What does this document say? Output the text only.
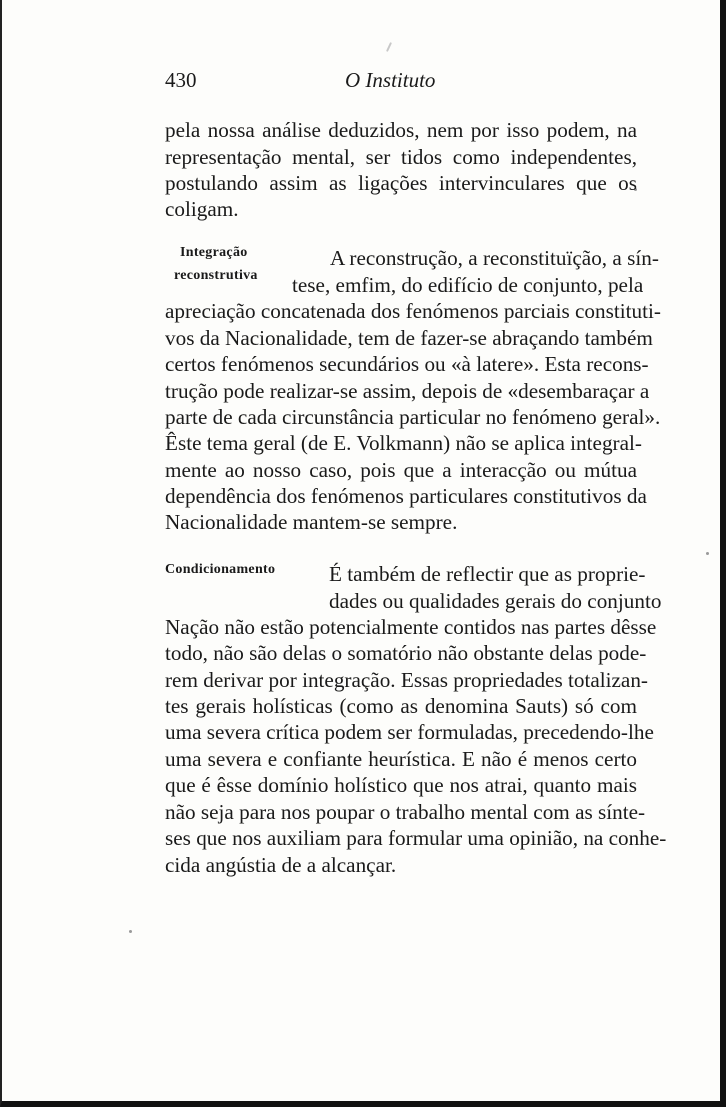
430	O Instituto
pela nossa análise deduzidos, nem por isso podem, na
representação mental, ser tidos como independentes,
postulando assim as ligações intervinculares que os
coligam.
Integração
reconstrutiva
A reconstrução, a reconstituïção, a sín-
tese, emfim, do edifício de conjunto, pela
apreciação concatenada dos fenómenos parciais constituti-
vos da Nacionalidade, tem de fazer-se abraçando também
certos fenómenos secundários ou «à latere». Esta recons-
trução pode realizar-se assim, depois de «desembaraçar a
parte de cada circunstância particular no fenómeno geral».
Êste tema geral (de E. Volkmann) não se aplica integral-
mente ao nosso caso, pois que a interacção ou mútua
dependência dos fenómenos particulares constitutivos da
Nacionalidade mantem-se sempre.
Condicionamento	É também de reflectir que as proprie-
dades ou qualidades gerais do conjunto
Nação não estão potencialmente contidos nas partes dêsse
todo, não são delas o somatório não obstante delas pode-
rem derivar por integração. Essas propriedades totalizan-
tes gerais holísticas (como as denomina Sauts) só com
uma severa crítica podem ser formuladas, precedendo-lhe
uma severa e confiante heurística. E não é menos certo
que é êsse domínio holístico que nos atrai, quanto mais
não seja para nos poupar o trabalho mental com as sínte-
ses que nos auxiliam para formular uma opinião, na conhe-
cida angústia de a alcançar.
